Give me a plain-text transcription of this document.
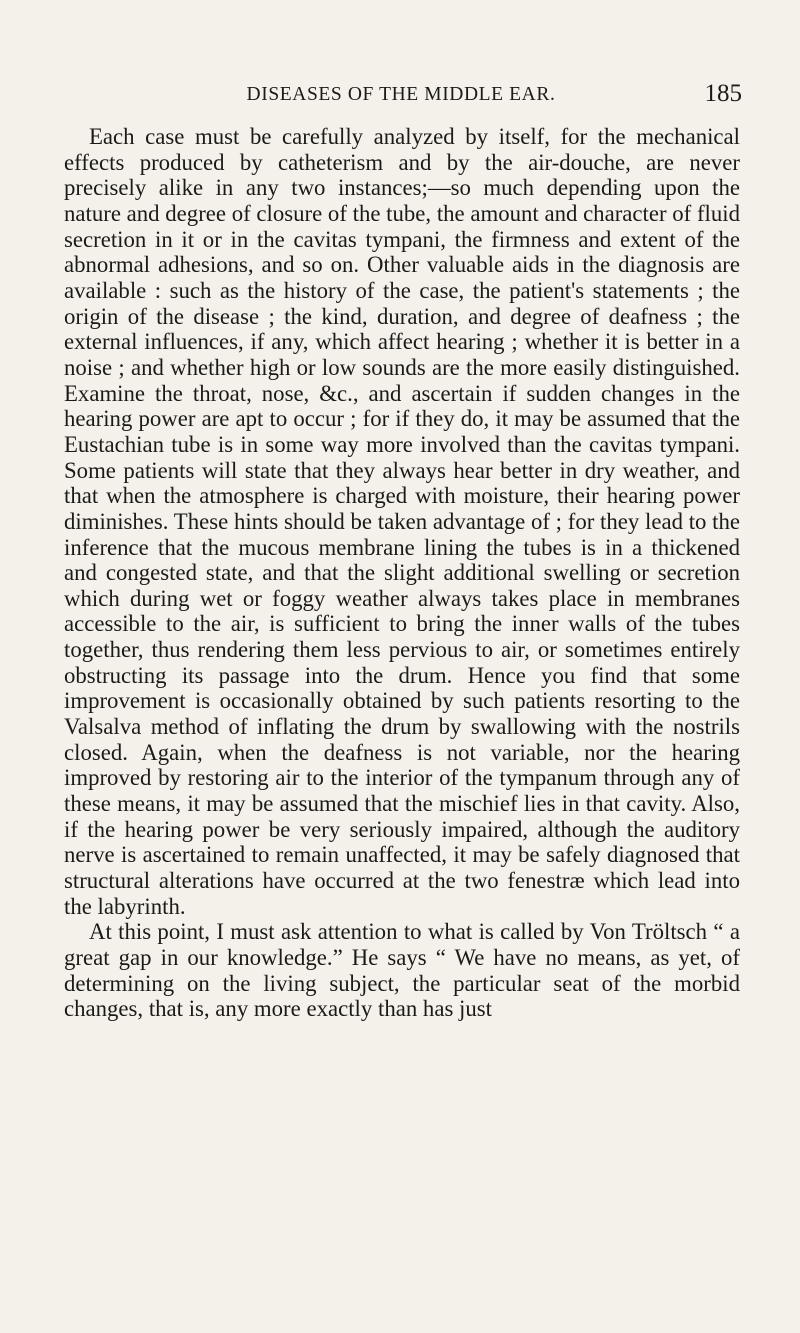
DISEASES OF THE MIDDLE EAR.	185

Each case must be carefully analyzed by itself, for the mechanical effects produced by catheterism and by the air-douche, are never precisely alike in any two instances;—so much depending upon the nature and degree of closure of the tube, the amount and character of fluid secretion in it or in the cavitas tympani, the firmness and extent of the abnormal adhesions, and so on. Other valuable aids in the diagnosis are available : such as the history of the case, the patient's statements ; the origin of the disease ; the kind, duration, and degree of deafness ; the external influences, if any, which affect hearing ; whether it is better in a noise ; and whether high or low sounds are the more easily distinguished. Examine the throat, nose, &c., and ascertain if sudden changes in the hearing power are apt to occur ; for if they do, it may be assumed that the Eustachian tube is in some way more involved than the cavitas tympani. Some patients will state that they always hear better in dry weather, and that when the atmosphere is charged with moisture, their hearing power diminishes. These hints should be taken advantage of ; for they lead to the inference that the mucous membrane lining the tubes is in a thickened and congested state, and that the slight additional swelling or secretion which during wet or foggy weather always takes place in membranes accessible to the air, is sufficient to bring the inner walls of the tubes together, thus rendering them less pervious to air, or sometimes entirely obstructing its passage into the drum. Hence you find that some improvement is occasionally obtained by such patients resorting to the Valsalva method of inflating the drum by swallowing with the nostrils closed. Again, when the deafness is not variable, nor the hearing improved by restoring air to the interior of the tympanum through any of these means, it may be assumed that the mischief lies in that cavity. Also, if the hearing power be very seriously impaired, although the auditory nerve is ascertained to remain unaffected, it may be safely diagnosed that structural alterations have occurred at the two fenestræ which lead into the labyrinth.

At this point, I must ask attention to what is called by Von Tröltsch “ a great gap in our knowledge.” He says “ We have no means, as yet, of determining on the living subject, the particular seat of the morbid changes, that is, any more exactly than has just
